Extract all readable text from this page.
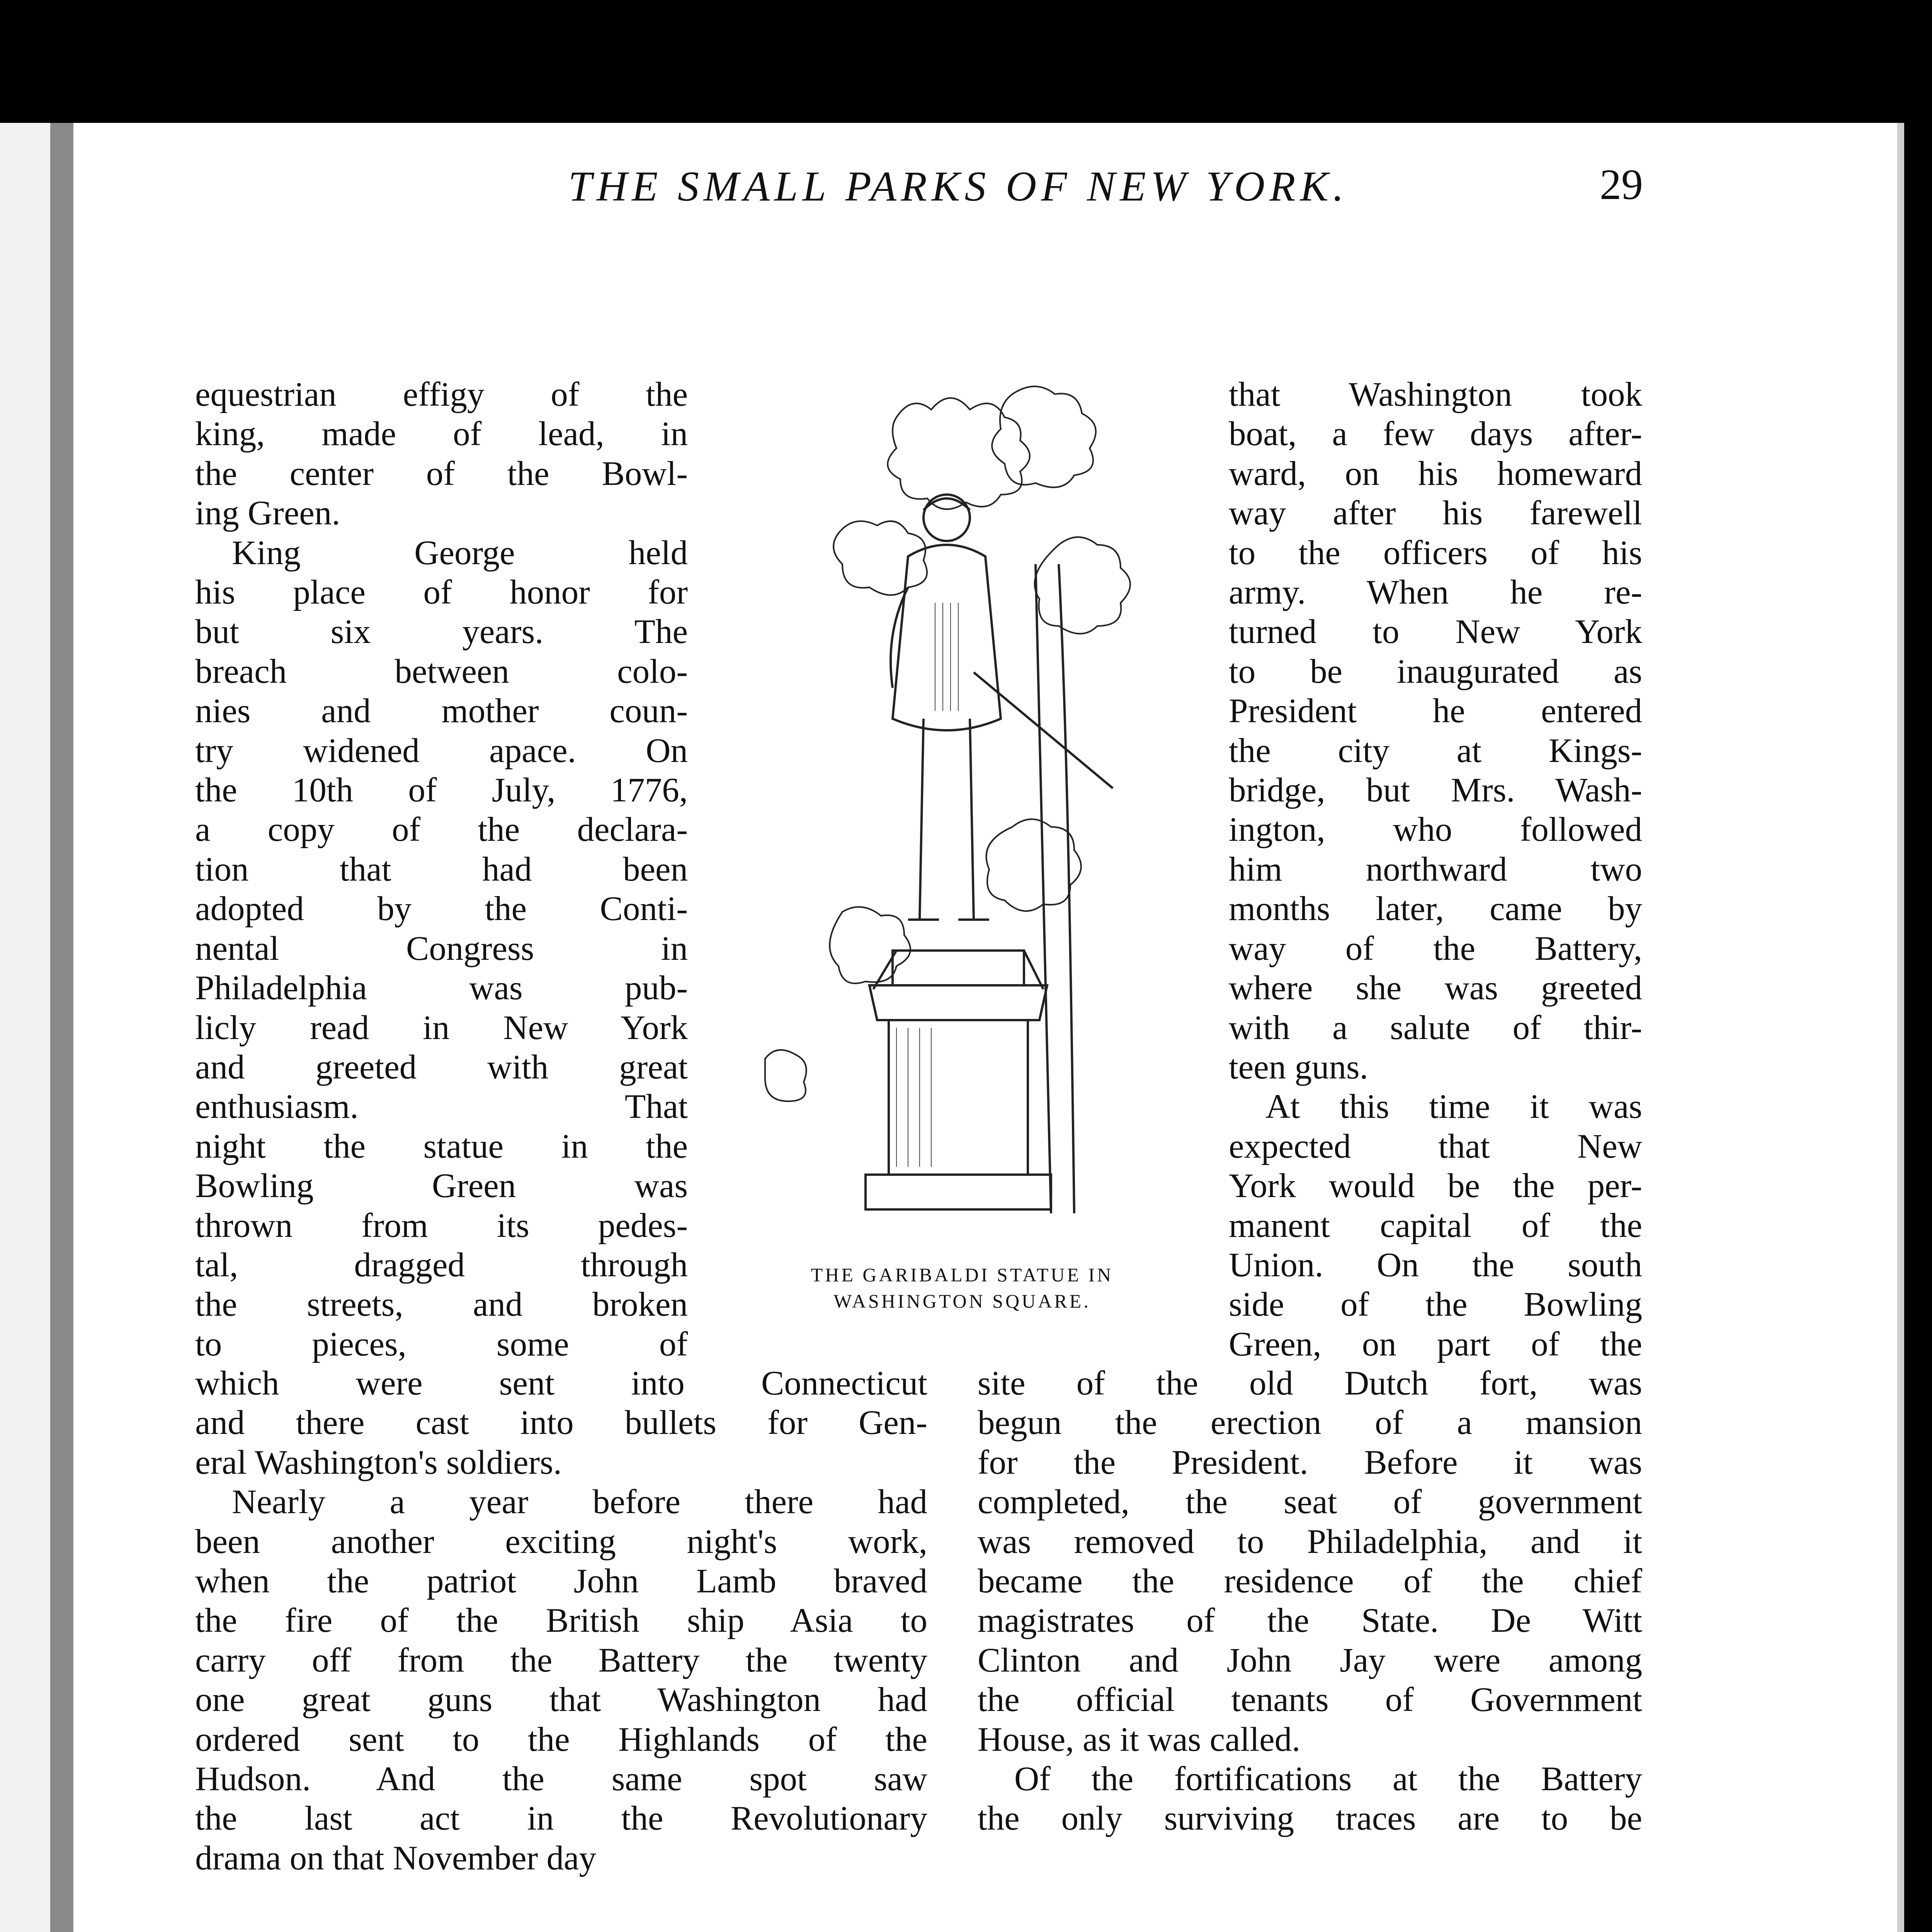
THE SMALL PARKS OF NEW YORK.	29

equestrian effigy of the

king, made of lead, in

the center of the Bowl-

ing Green.

King George held

his place of honor for

but six years. The

breach between colo-

nies and mother coun-

try widened apace. On

the 10th of July, 1776,

a copy of the declara-

tion that had been

adopted by the Conti-

nental Congress in

Philadelphia was pub-

licly read in New York

and greeted with great

enthusiasm. That

night the statue in the

Bowling Green was

thrown from its pedes-

tal, dragged through

the streets, and broken

to pieces, some of

which were sent into Connecticut

and there cast into bullets for Gen-

eral Washington's soldiers.

Nearly a year before there had

been another exciting night's work,

when the patriot John Lamb braved

the fire of the British ship Asia to

carry off from the Battery the twenty

one great guns that Washington had

ordered sent to the Highlands of the

Hudson. And the same spot saw

the last act in the Revolutionary

drama on that November day

that Washington took

boat, a few days after-

ward, on his homeward

way after his farewell

to the officers of his

army. When he re-

turned to New York

to be inaugurated as

President he entered

the city at Kings-

bridge, but Mrs. Wash-

ington, who followed

him northward two

months later, came by

way of the Battery,

where she was greeted

with a salute of thir-

teen guns.

At this time it was

expected that New

York would be the per-

manent capital of the

Union. On the south

side of the Bowling

Green, on part of the

site of the old Dutch fort, was

begun the erection of a mansion

for the President. Before it was

completed, the seat of government

was removed to Philadelphia, and it

became the residence of the chief

magistrates of the State. De Witt

Clinton and John Jay were among

the official tenants of Government

House, as it was called.

Of the fortifications at the Battery

the only surviving traces are to be

THE GARIBALDI STATUE IN
WASHINGTON SQUARE.
